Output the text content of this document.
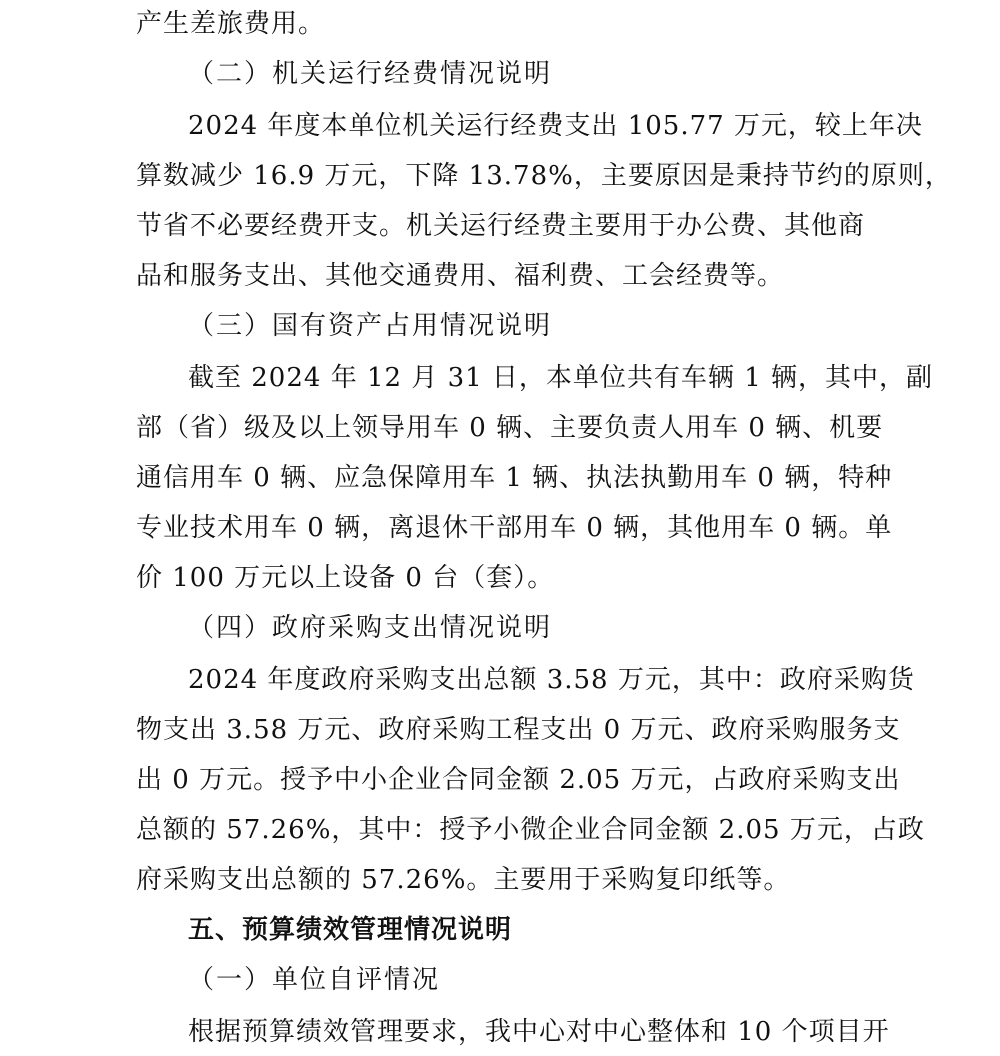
产生差旅费用。
（二）机关运行经费情况说明
2024 年度本单位机关运行经费支出 105.77 万元，较上年决
算数减少 16.9 万元，下降 13.78%，主要原因是秉持节约的原则，
节省不必要经费开支。机关运行经费主要用于办公费、其他商
品和服务支出、其他交通费用、福利费、工会经费等。
（三）国有资产占用情况说明
截至 2024 年 12 月 31 日，本单位共有车辆 1 辆，其中，副
部（省）级及以上领导用车 0 辆、主要负责人用车 0 辆、机要
通信用车 0 辆、应急保障用车 1 辆、执法执勤用车 0 辆，特种
专业技术用车 0 辆，离退休干部用车 0 辆，其他用车 0 辆。单
价 100 万元以上设备 0 台（套）。
（四）政府采购支出情况说明
2024 年度政府采购支出总额 3.58 万元，其中：政府采购货
物支出 3.58 万元、政府采购工程支出 0 万元、政府采购服务支
出 0 万元。授予中小企业合同金额 2.05 万元，占政府采购支出
总额的 57.26%，其中：授予小微企业合同金额 2.05 万元，占政
府采购支出总额的 57.26%。主要用于采购复印纸等。
五、预算绩效管理情况说明
（一）单位自评情况
根据预算绩效管理要求，我中心对中心整体和 10 个项目开
